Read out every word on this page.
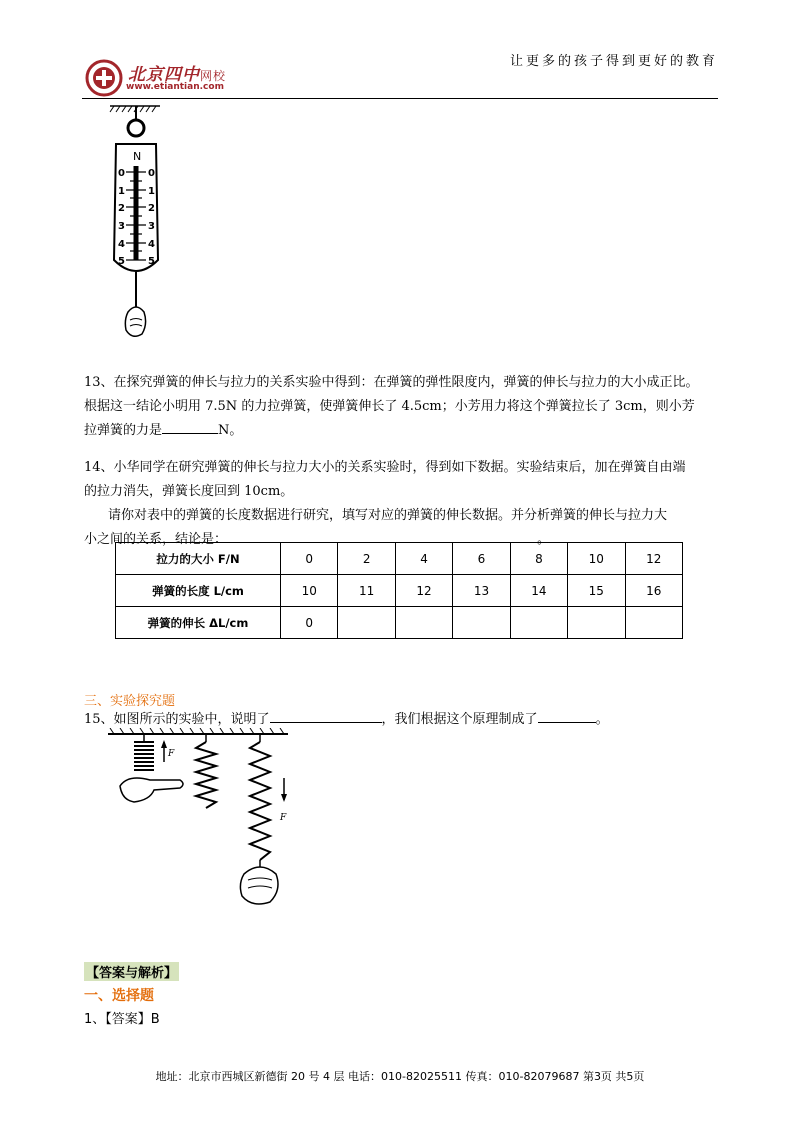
让更多的孩子得到更好的教育
北京四中网校
www.etiantian.com
N
0
1
2
3
4
5
0
1
2
3
4
5
13、在探究弹簧的伸长与拉力的关系实验中得到：在弹簧的弹性限度内，弹簧的伸长与拉力的大小成正比。
根据这一结论小明用 7.5N 的力拉弹簧，使弹簧伸长了 4.5cm；小芳用力将这个弹簧拉长了 3cm，则小芳
拉弹簧的力是	N。
14、小华同学在研究弹簧的伸长与拉力大小的关系实验时，得到如下数据。实验结束后，加在弹簧自由端
的拉力消失，弹簧长度回到 10cm。
请你对表中的弹簧的长度数据进行研究，填写对应的弹簧的伸长数据。并分析弹簧的伸长与拉力大
小之间的关系，结论是：	。
拉力的大小 F/N	0	2	4	6	8	10	12
弹簧的长度 L/cm	10	11	12	13	14	15	16
弹簧的伸长 ΔL/cm	0						
三、实验探究题
15、如图所示的实验中，说明了	，我们根据这个原理制成了	。
F
F
【答案与解析】
一、选择题
1、【答案】B
地址：北京市西城区新德街 20 号 4 层 电话：010-82025511 传真：010-82079687 第3页 共5页
